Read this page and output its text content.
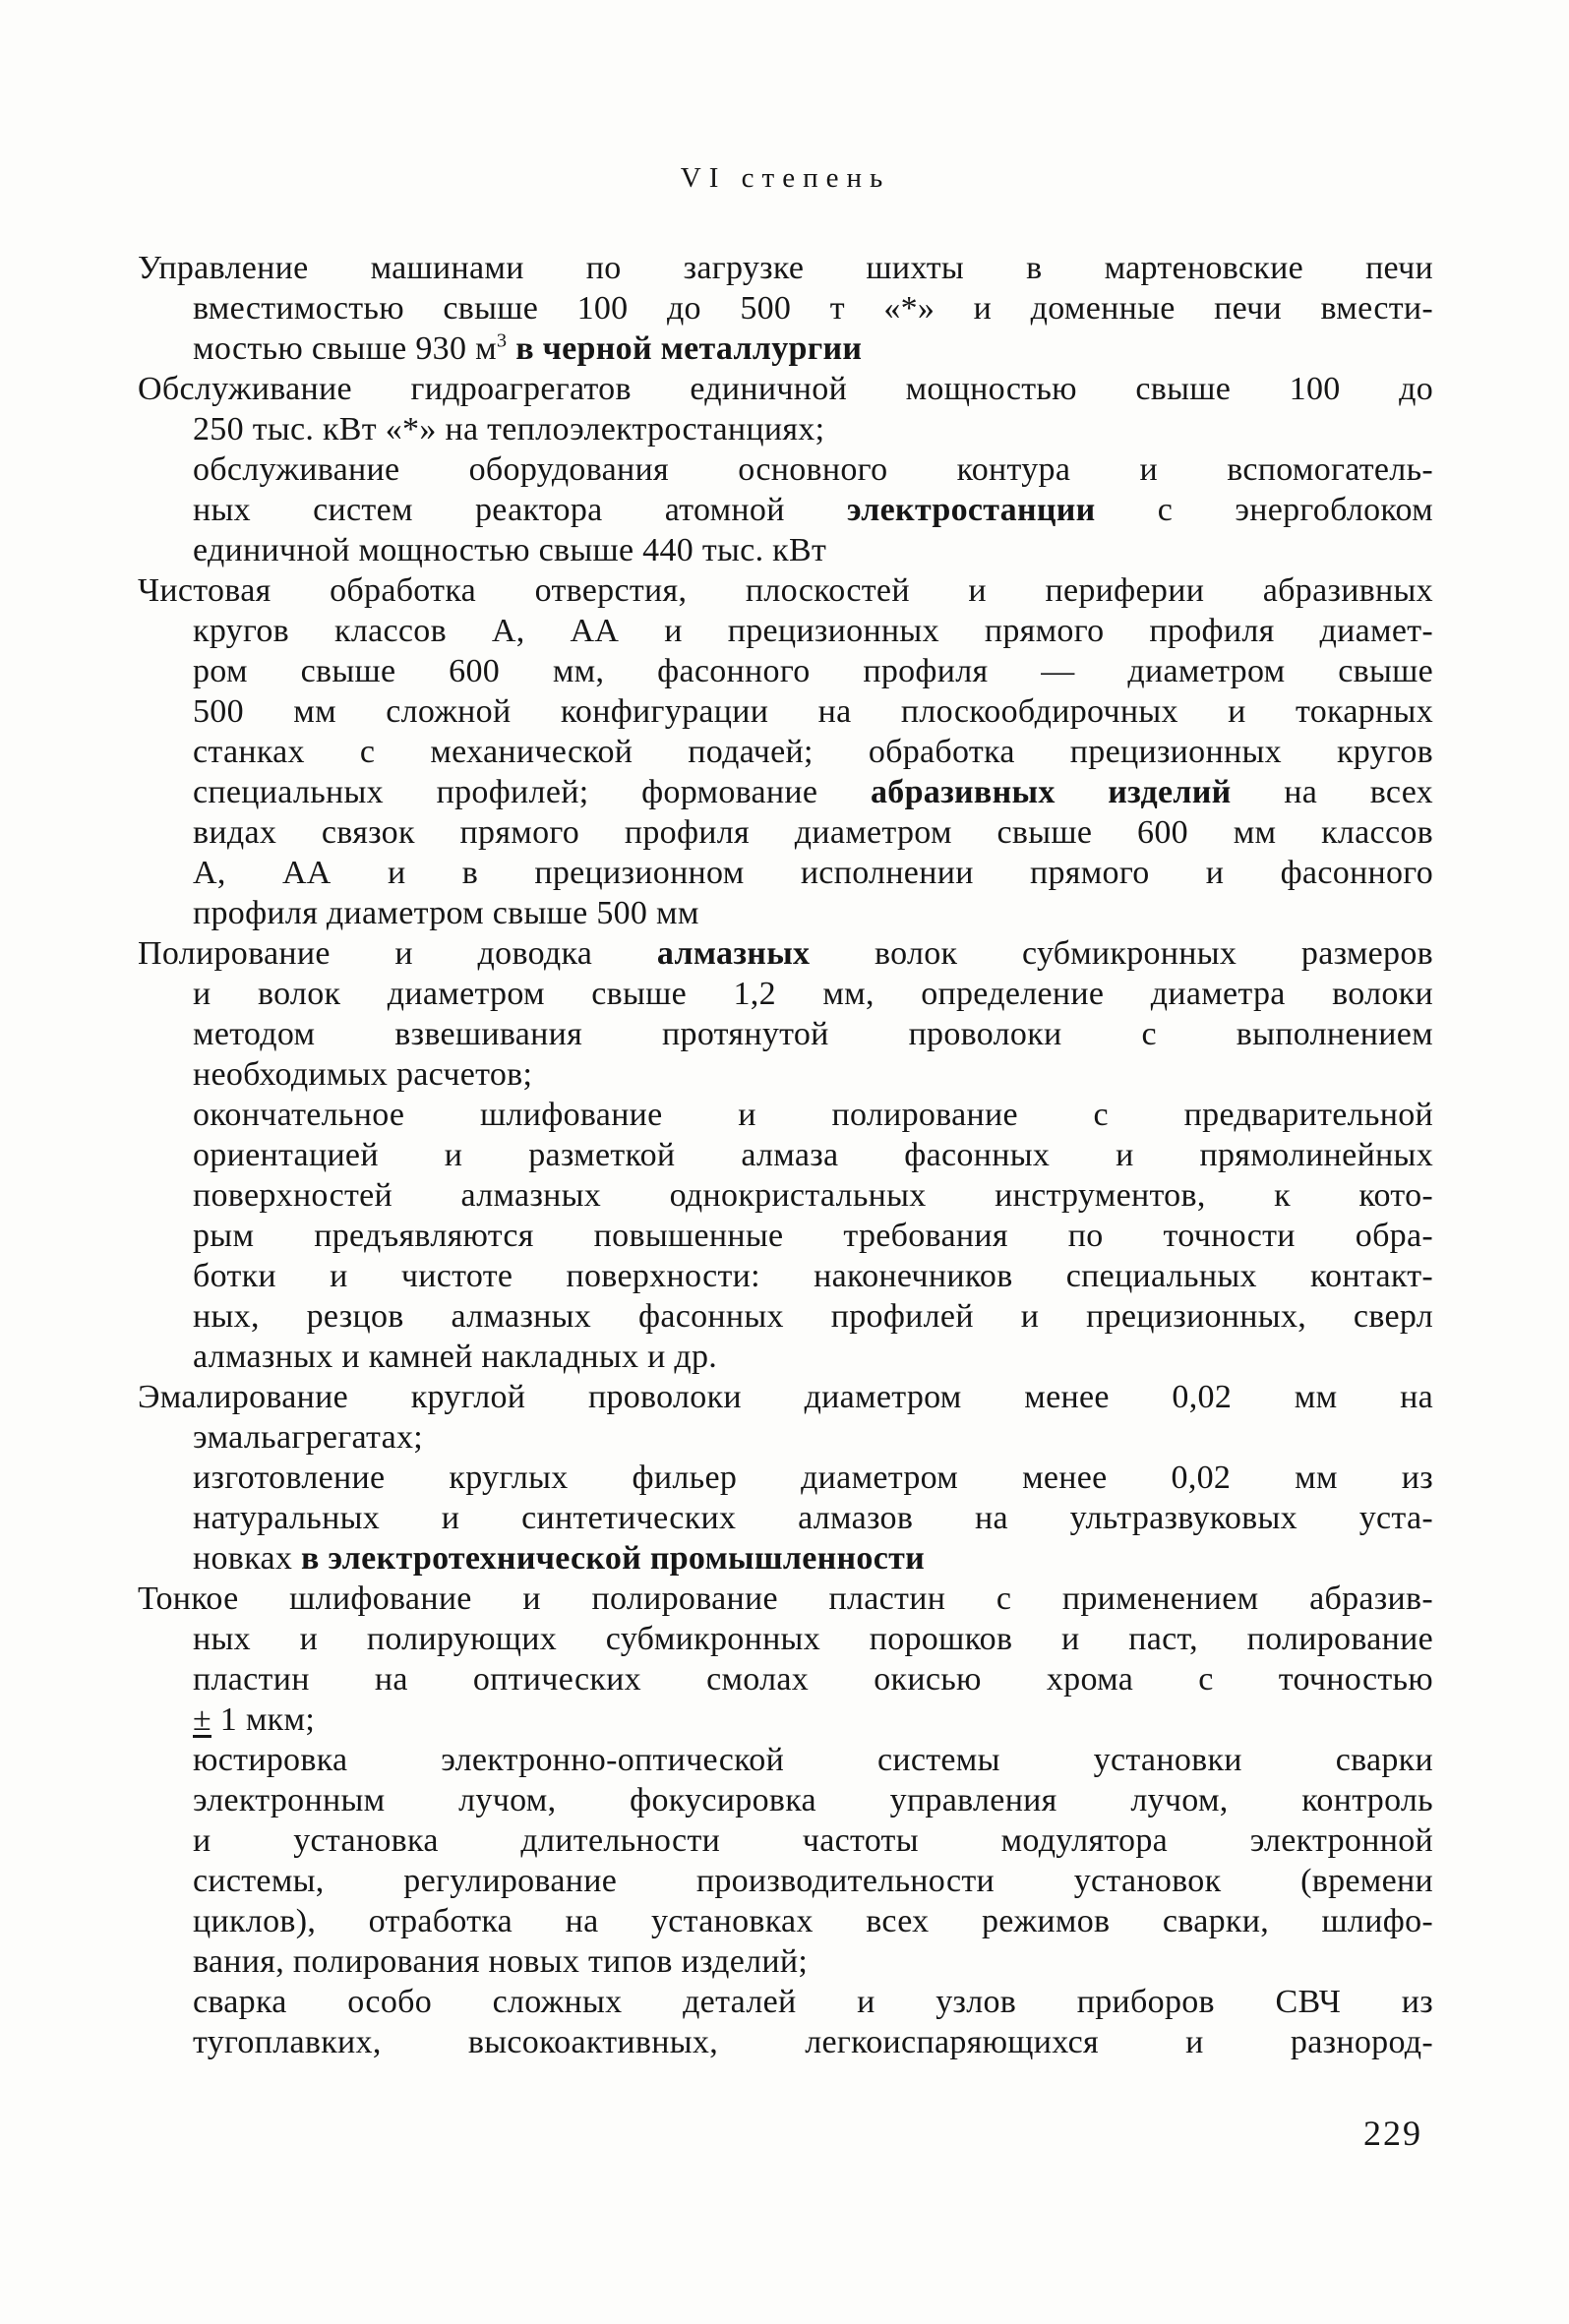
VI степень
Управление машинами по загрузке шихты в мартеновские печи
вместимостью свыше 100 до 500 т «*» и доменные печи вмести-
мостью свыше 930 $м^3$ в черной металлургии
Обслуживание гидроагрегатов единичной мощностью свыше 100 до
250 тыс. кВт «*» на теплоэлектростанциях;
обслуживание оборудования основного контура и вспомогатель-
ных систем реактора атомной электростанции с энергоблоком
единичной мощностью свыше 440 тыс. кВт
Чистовая обработка отверстия, плоскостей и периферии абразивных
кругов классов А, АА и прецизионных прямого профиля диамет-
ром свыше 600 мм, фасонного профиля — диаметром свыше
500 мм сложной конфигурации на плоскообдирочных и токарных
станках с механической подачей; обработка прецизионных кругов
специальных профилей; формование абразивных изделий на всех
видах связок прямого профиля диаметром свыше 600 мм классов
А, АА и в прецизионном исполнении прямого и фасонного
профиля диаметром свыше 500 мм
Полирование и доводка алмазных волок субмикронных размеров
и волок диаметром свыше 1,2 мм, определение диаметра волоки
методом взвешивания протянутой проволоки с выполнением
необходимых расчетов;
окончательное шлифование и полирование с предварительной
ориентацией и разметкой алмаза фасонных и прямолинейных
поверхностей алмазных однокристальных инструментов, к кото-
рым предъявляются повышенные требования по точности обра-
ботки и чистоте поверхности: наконечников специальных контакт-
ных, резцов алмазных фасонных профилей и прецизионных, сверл
алмазных и камней накладных и др.
Эмалирование круглой проволоки диаметром менее 0,02 мм на
эмальагрегатах;
изготовление круглых фильер диаметром менее 0,02 мм из
натуральных и синтетических алмазов на ультразвуковых уста-
новках в электротехнической промышленности
Тонкое шлифование и полирование пластин с применением абразив-
ных и полирующих субмикронных порошков и паст, полирование
пластин на оптических смолах окисью хрома с точностью
± 1 мкм;
юстировка электронно-оптической системы установки сварки
электронным лучом, фокусировка управления лучом, контроль
и установка длительности частоты модулятора электронной
системы, регулирование производительности установок (времени
циклов), отработка на установках всех режимов сварки, шлифо-
вания, полирования новых типов изделий;
сварка особо сложных деталей и узлов приборов СВЧ из
тугоплавких, высокоактивных, легкоиспаряющихся и разнород-
229
